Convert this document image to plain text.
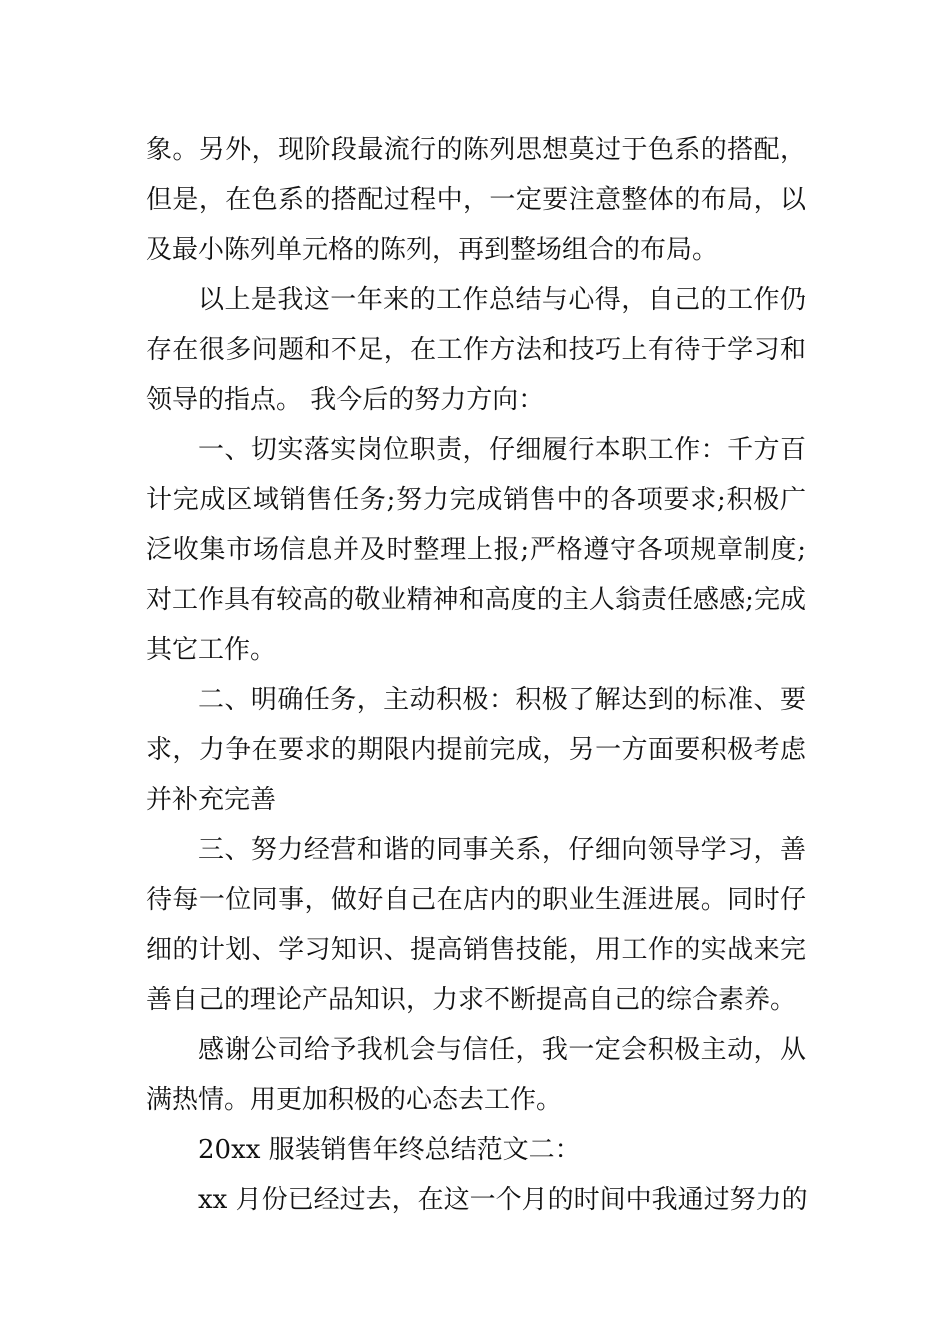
象。另外，现阶段最流行的陈列思想莫过于色系的搭配，
但是，在色系的搭配过程中，一定要注意整体的布局，以
及最小陈列单元格的陈列，再到整场组合的布局。
以上是我这一年来的工作总结与心得，自己的工作仍
存在很多问题和不足，在工作方法和技巧上有待于学习和
领导的指点。 我今后的努力方向：
一、切实落实岗位职责，仔细履行本职工作：千方百
计完成区域销售任务;努力完成销售中的各项要求;积极广
泛收集市场信息并及时整理上报;严格遵守各项规章制度;
对工作具有较高的敬业精神和高度的主人翁责任感感;完成
其它工作。
二、明确任务，主动积极：积极了解达到的标准、要
求，力争在要求的期限内提前完成，另一方面要积极考虑
并补充完善
三、努力经营和谐的同事关系，仔细向领导学习，善
待每一位同事，做好自己在店内的职业生涯进展。同时仔
细的计划、学习知识、提高销售技能，用工作的实战来完
善自己的理论产品知识，力求不断提高自己的综合素养。
感谢公司给予我机会与信任，我一定会积极主动，从
满热情。用更加积极的心态去工作。
20xx 服装销售年终总结范文二：
xx 月份已经过去，在这一个月的时间中我通过努力的
